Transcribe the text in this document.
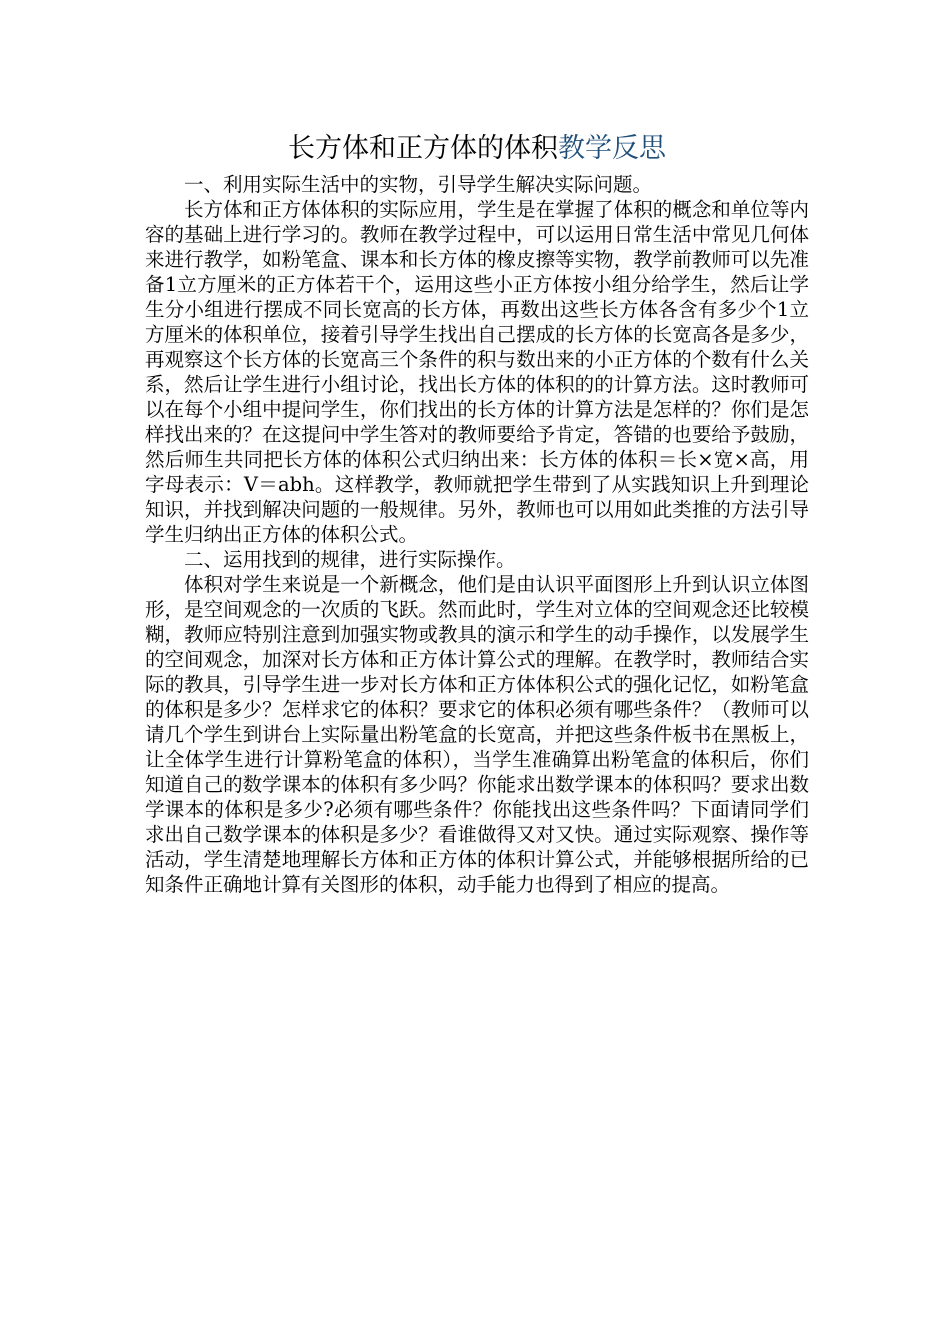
长方体和正方体的体积教学反思

一、利用实际生活中的实物，引导学生解决实际问题。

长方体和正方体体积的实际应用，学生是在掌握了体积的概念和单位等内容的基础上进行学习的。教师在教学过程中，可以运用日常生活中常见几何体来进行教学，如粉笔盒、课本和长方体的橡皮擦等实物，教学前教师可以先准备1立方厘米的正方体若干个，运用这些小正方体按小组分给学生，然后让学生分小组进行摆成不同长宽高的长方体，再数出这些长方体各含有多少个1立方厘米的体积单位，接着引导学生找出自己摆成的长方体的长宽高各是多少，再观察这个长方体的长宽高三个条件的积与数出来的小正方体的个数有什么关系，然后让学生进行小组讨论，找出长方体的体积的的计算方法。这时教师可以在每个小组中提问学生，你们找出的长方体的计算方法是怎样的？你们是怎样找出来的？在这提问中学生答对的教师要给予肯定，答错的也要给予鼓励，然后师生共同把长方体的体积公式归纳出来：长方体的体积＝长×宽×高，用字母表示：V＝abh。这样教学，教师就把学生带到了从实践知识上升到理论知识，并找到解决问题的一般规律。另外，教师也可以用如此类推的方法引导学生归纳出正方体的体积公式。

二、运用找到的规律，进行实际操作。

体积对学生来说是一个新概念，他们是由认识平面图形上升到认识立体图形，是空间观念的一次质的飞跃。然而此时，学生对立体的空间观念还比较模糊，教师应特别注意到加强实物或教具的演示和学生的动手操作，以发展学生的空间观念，加深对长方体和正方体计算公式的理解。在教学时，教师结合实际的教具，引导学生进一步对长方体和正方体体积公式的强化记忆，如粉笔盒的体积是多少？怎样求它的体积？要求它的体积必须有哪些条件？（教师可以请几个学生到讲台上实际量出粉笔盒的长宽高，并把这些条件板书在黑板上，让全体学生进行计算粉笔盒的体积），当学生准确算出粉笔盒的体积后，你们知道自己的数学课本的体积有多少吗？你能求出数学课本的体积吗？要求出数学课本的体积是多少?必须有哪些条件？你能找出这些条件吗？下面请同学们求出自己数学课本的体积是多少？看谁做得又对又快。通过实际观察、操作等活动，学生清楚地理解长方体和正方体的体积计算公式，并能够根据所给的已知条件正确地计算有关图形的体积，动手能力也得到了相应的提高。
